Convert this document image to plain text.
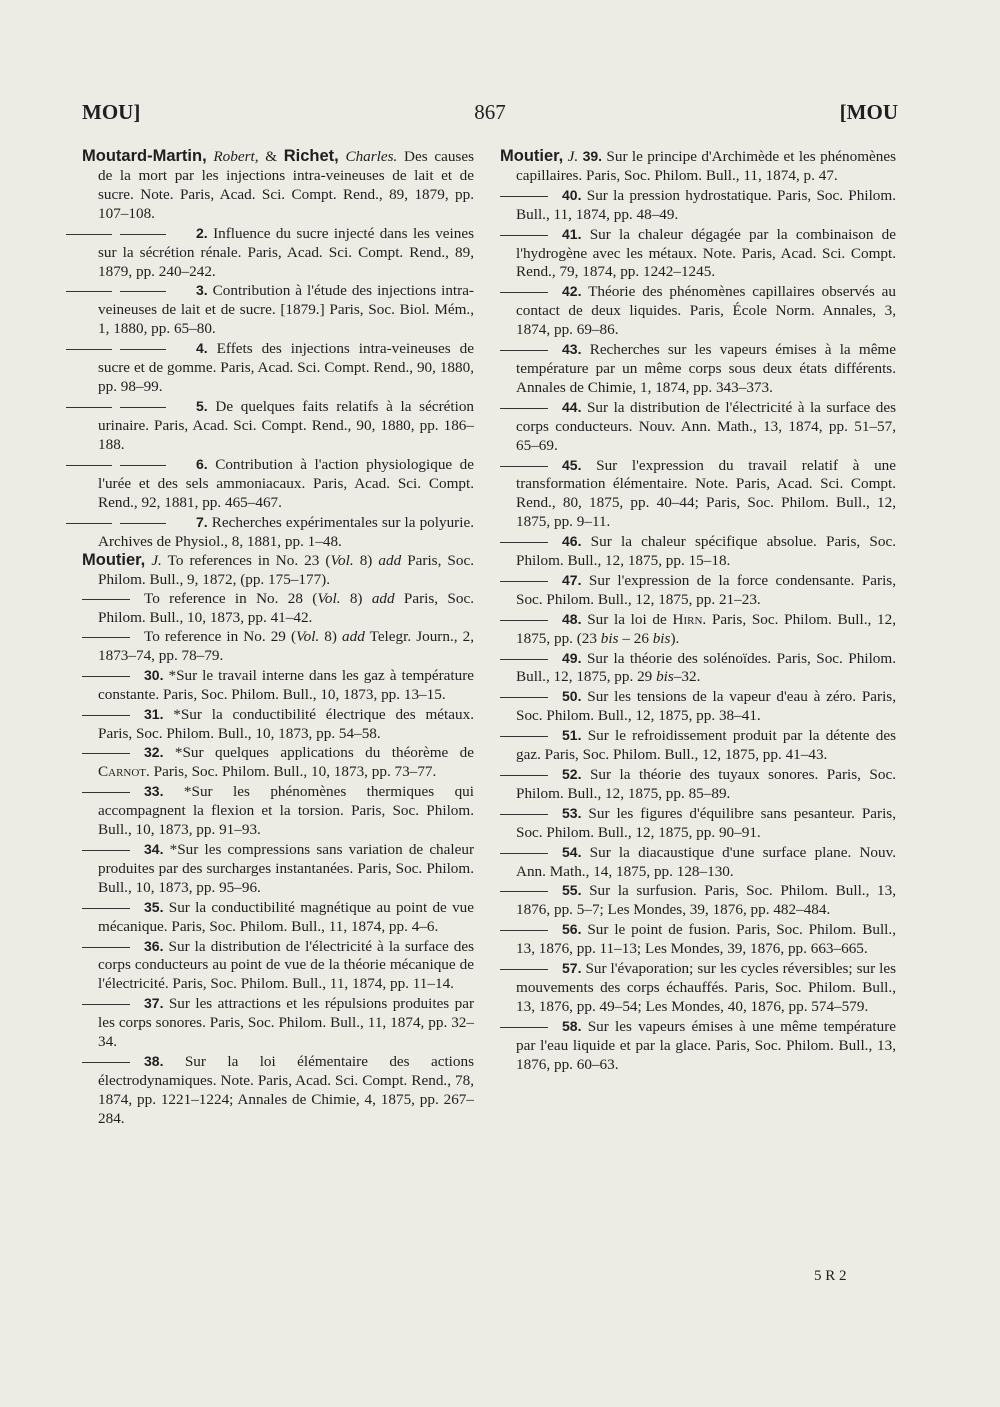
MOU]	867	[MOU

Moutard-Martin, Robert, & Richet, Charles. Des causes de la mort par les injections intra-veineuses de lait et de sucre. Note. Paris, Acad. Sci. Compt. Rend., 89, 1879, pp. 107–108.

2. Influence du sucre injecté dans les veines sur la sécrétion rénale. Paris, Acad. Sci. Compt. Rend., 89, 1879, pp. 240–242.

3. Contribution à l'étude des injections intra-veineuses de lait et de sucre. [1879.] Paris, Soc. Biol. Mém., 1, 1880, pp. 65–80.

4. Effets des injections intra-veineuses de sucre et de gomme. Paris, Acad. Sci. Compt. Rend., 90, 1880, pp. 98–99.

5. De quelques faits relatifs à la sécrétion urinaire. Paris, Acad. Sci. Compt. Rend., 90, 1880, pp. 186–188.

6. Contribution à l'action physiologique de l'urée et des sels ammoniacaux. Paris, Acad. Sci. Compt. Rend., 92, 1881, pp. 465–467.

7. Recherches expérimentales sur la polyurie. Archives de Physiol., 8, 1881, pp. 1–48.

Moutier, J. To references in No. 23 (Vol. 8) add Paris, Soc. Philom. Bull., 9, 1872, (pp. 175–177).

To reference in No. 28 (Vol. 8) add Paris, Soc. Philom. Bull., 10, 1873, pp. 41–42.

To reference in No. 29 (Vol. 8) add Telegr. Journ., 2, 1873–74, pp. 78–79.

30. *Sur le travail interne dans les gaz à température constante. Paris, Soc. Philom. Bull., 10, 1873, pp. 13–15.

31. *Sur la conductibilité électrique des métaux. Paris, Soc. Philom. Bull., 10, 1873, pp. 54–58.

32. *Sur quelques applications du théorème de Carnot. Paris, Soc. Philom. Bull., 10, 1873, pp. 73–77.

33. *Sur les phénomènes thermiques qui accompagnent la flexion et la torsion. Paris, Soc. Philom. Bull., 10, 1873, pp. 91–93.

34. *Sur les compressions sans variation de chaleur produites par des surcharges instantanées. Paris, Soc. Philom. Bull., 10, 1873, pp. 95–96.

35. Sur la conductibilité magnétique au point de vue mécanique. Paris, Soc. Philom. Bull., 11, 1874, pp. 4–6.

36. Sur la distribution de l'électricité à la surface des corps conducteurs au point de vue de la théorie mécanique de l'électricité. Paris, Soc. Philom. Bull., 11, 1874, pp. 11–14.

37. Sur les attractions et les répulsions produites par les corps sonores. Paris, Soc. Philom. Bull., 11, 1874, pp. 32–34.

38. Sur la loi élémentaire des actions électrodynamiques. Note. Paris, Acad. Sci. Compt. Rend., 78, 1874, pp. 1221–1224; Annales de Chimie, 4, 1875, pp. 267–284.

Moutier, J. 39. Sur le principe d'Archimède et les phénomènes capillaires. Paris, Soc. Philom. Bull., 11, 1874, p. 47.

40. Sur la pression hydrostatique. Paris, Soc. Philom. Bull., 11, 1874, pp. 48–49.

41. Sur la chaleur dégagée par la combinaison de l'hydrogène avec les métaux. Note. Paris, Acad. Sci. Compt. Rend., 79, 1874, pp. 1242–1245.

42. Théorie des phénomènes capillaires observés au contact de deux liquides. Paris, École Norm. Annales, 3, 1874, pp. 69–86.

43. Recherches sur les vapeurs émises à la même température par un même corps sous deux états différents. Annales de Chimie, 1, 1874, pp. 343–373.

44. Sur la distribution de l'électricité à la surface des corps conducteurs. Nouv. Ann. Math., 13, 1874, pp. 51–57, 65–69.

45. Sur l'expression du travail relatif à une transformation élémentaire. Note. Paris, Acad. Sci. Compt. Rend., 80, 1875, pp. 40–44; Paris, Soc. Philom. Bull., 12, 1875, pp. 9–11.

46. Sur la chaleur spécifique absolue. Paris, Soc. Philom. Bull., 12, 1875, pp. 15–18.

47. Sur l'expression de la force condensante. Paris, Soc. Philom. Bull., 12, 1875, pp. 21–23.

48. Sur la loi de Hirn. Paris, Soc. Philom. Bull., 12, 1875, pp. (23 bis – 26 bis).

49. Sur la théorie des solénoïdes. Paris, Soc. Philom. Bull., 12, 1875, pp. 29 bis–32.

50. Sur les tensions de la vapeur d'eau à zéro. Paris, Soc. Philom. Bull., 12, 1875, pp. 38–41.

51. Sur le refroidissement produit par la détente des gaz. Paris, Soc. Philom. Bull., 12, 1875, pp. 41–43.

52. Sur la théorie des tuyaux sonores. Paris, Soc. Philom. Bull., 12, 1875, pp. 85–89.

53. Sur les figures d'équilibre sans pesanteur. Paris, Soc. Philom. Bull., 12, 1875, pp. 90–91.

54. Sur la diacaustique d'une surface plane. Nouv. Ann. Math., 14, 1875, pp. 128–130.

55. Sur la surfusion. Paris, Soc. Philom. Bull., 13, 1876, pp. 5–7; Les Mondes, 39, 1876, pp. 482–484.

56. Sur le point de fusion. Paris, Soc. Philom. Bull., 13, 1876, pp. 11–13; Les Mondes, 39, 1876, pp. 663–665.

57. Sur l'évaporation; sur les cycles réversibles; sur les mouvements des corps échauffés. Paris, Soc. Philom. Bull., 13, 1876, pp. 49–54; Les Mondes, 40, 1876, pp. 574–579.

58. Sur les vapeurs émises à une même température par l'eau liquide et par la glace. Paris, Soc. Philom. Bull., 13, 1876, pp. 60–63.

5 R 2
